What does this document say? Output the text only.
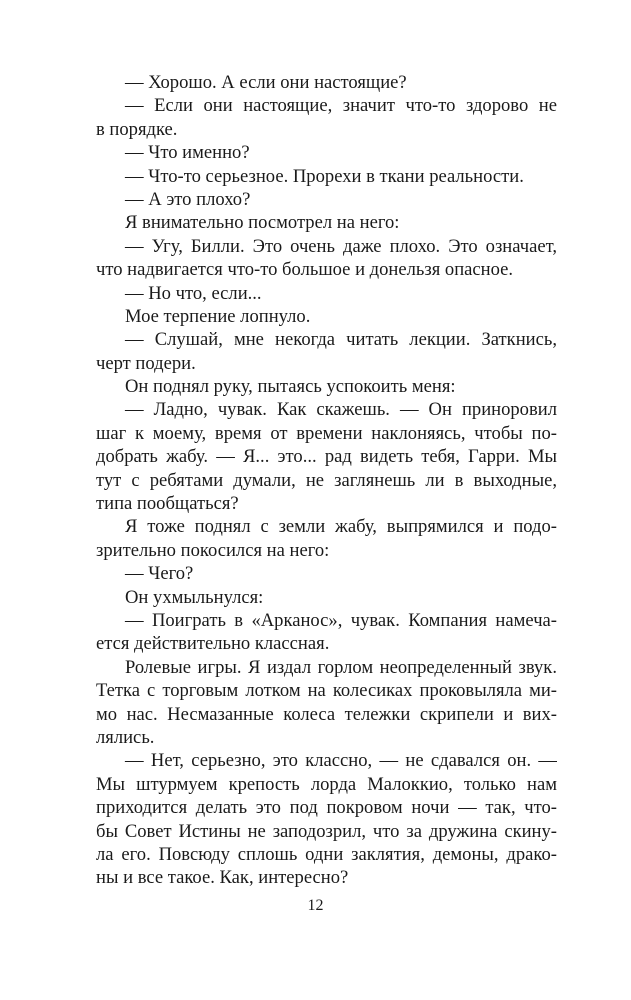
— Хорошо. А если они настоящие?
— Если они настоящие, значит что-то здорово не
в порядке.
— Что именно?
— Что-то серьезное. Прорехи в ткани реальности.
— А это плохо?
Я внимательно посмотрел на него:
— Угу, Билли. Это очень даже плохо. Это означает,
что надвигается что-то большое и донельзя опасное.
— Но что, если...
Мое терпение лопнуло.
— Слушай, мне некогда читать лекции. Заткнись,
черт подери.
Он поднял руку, пытаясь успокоить меня:
— Ладно, чувак. Как скажешь. — Он приноровил
шаг к моему, время от времени наклоняясь, чтобы по-
добрать жабу. — Я... это... рад видеть тебя, Гарри. Мы
тут с ребятами думали, не заглянешь ли в выходные,
типа пообщаться?
Я тоже поднял с земли жабу, выпрямился и подо-
зрительно покосился на него:
— Чего?
Он ухмыльнулся:
— Поиграть в «Арканос», чувак. Компания намеча-
ется действительно классная.
Ролевые игры. Я издал горлом неопределенный звук.
Тетка с торговым лотком на колесиках проковыляла ми-
мо нас. Несмазанные колеса тележки скрипели и вих-
лялись.
— Нет, серьезно, это классно, — не сдавался он. —
Мы штурмуем крепость лорда Малоккио, только нам
приходится делать это под покровом ночи — так, что-
бы Совет Истины не заподозрил, что за дружина скину-
ла его. Повсюду сплошь одни заклятия, демоны, драко-
ны и все такое. Как, интересно?
12
